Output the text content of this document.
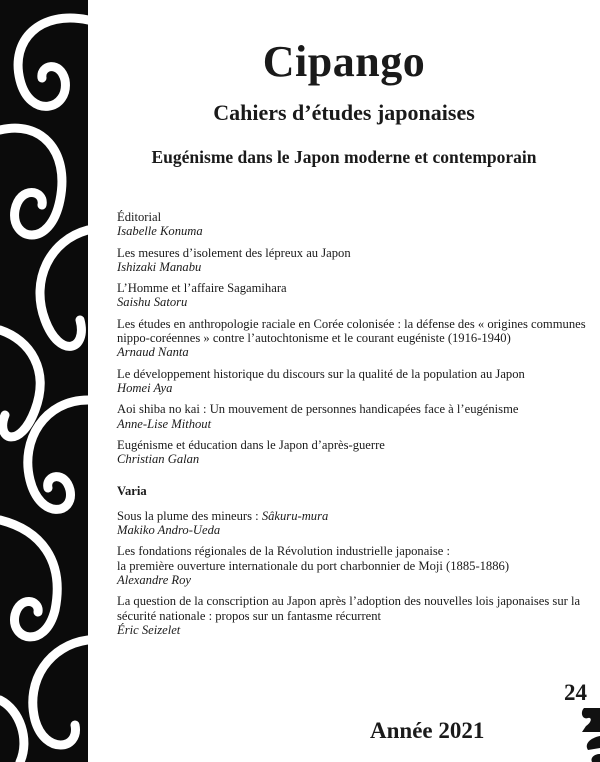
Cipango
Cahiers d’études japonaises
Eugénisme dans le Japon moderne et contemporain
Éditorial
Isabelle Konuma
Les mesures d’isolement des lépreux au Japon
Ishizaki Manabu
L’Homme et l’affaire Sagamihara
Saishu Satoru
Les études en anthropologie raciale en Corée colonisée : la défense des « origines communes nippo-coréennes » contre l’autochtonisme et le courant eugéniste (1916-1940)
Arnaud Nanta
Le développement historique du discours sur la qualité de la population au Japon
Homei Aya
Aoi shiba no kai : Un mouvement de personnes handicapées face à l’eugénisme
Anne-Lise Mithout
Eugénisme et éducation dans le Japon d’après-guerre
Christian Galan
Varia
Sous la plume des mineurs : Sâkuru-mura
Makiko Andro-Ueda
Les fondations régionales de la Révolution industrielle japonaise :
la première ouverture internationale du port charbonnier de Moji (1885-1886)
Alexandre Roy
La question de la conscription au Japon après l’adoption des nouvelles lois japonaises sur la sécurité nationale : propos sur un fantasme récurrent
Éric Seizelet
Année 2021
24
